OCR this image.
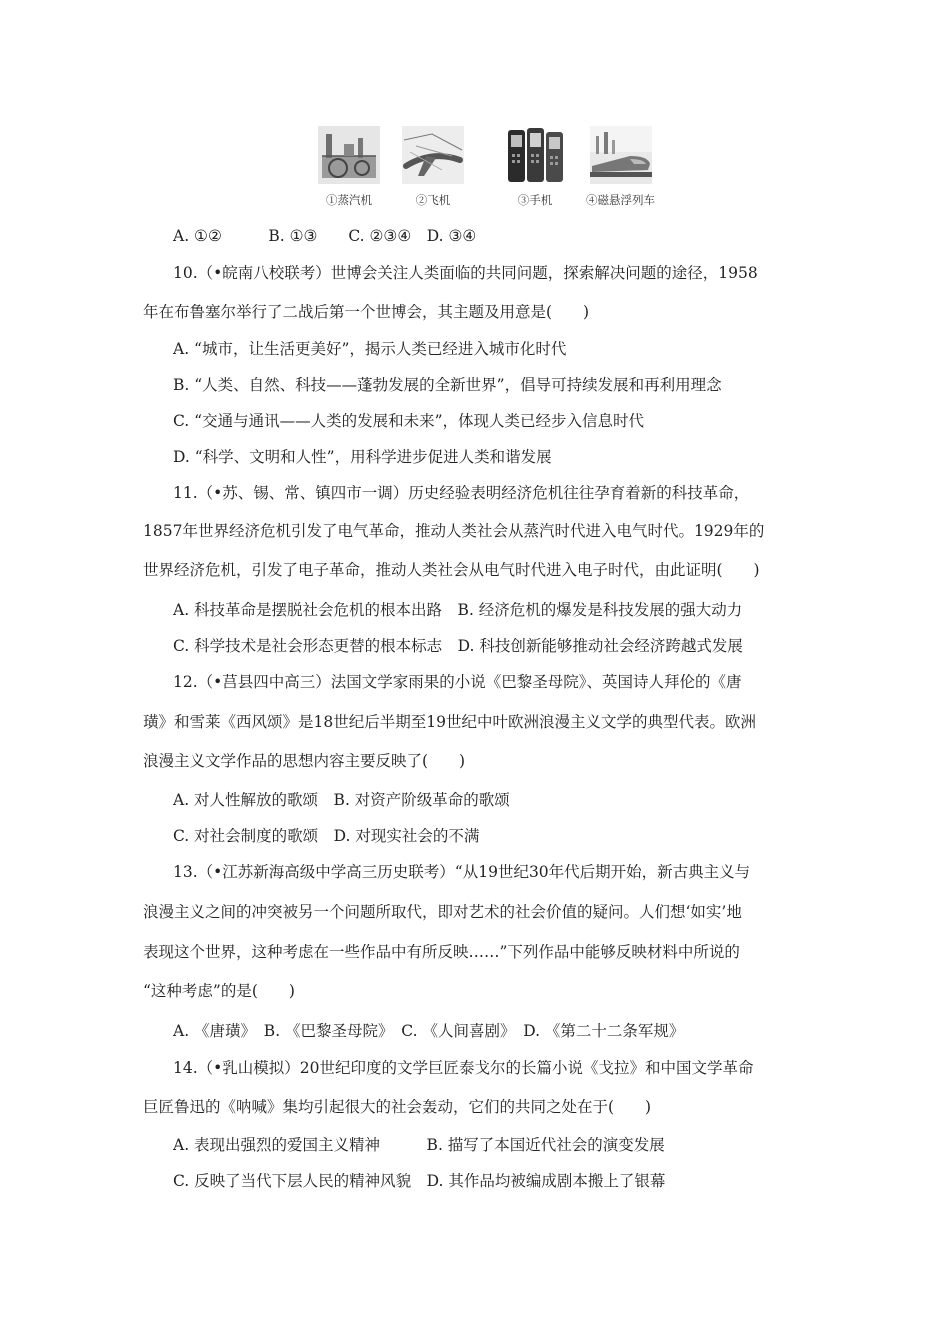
①蒸汽机	②飞机	③手机	④磁悬浮列车
A. ①②　　　B. ①③　　C. ②③④　D. ③④
10.（•皖南八校联考）世博会关注人类面临的共同问题，探索解决问题的途径，1958
年在布鲁塞尔举行了二战后第一个世博会，其主题及用意是(　　)
A. “城市，让生活更美好”，揭示人类已经进入城市化时代
B. “人类、自然、科技——蓬勃发展的全新世界”，倡导可持续发展和再利用理念
C. “交通与通讯——人类的发展和未来”，体现人类已经步入信息时代
D. “科学、文明和人性”，用科学进步促进人类和谐发展
11.（•苏、锡、常、镇四市一调）历史经验表明经济危机往往孕育着新的科技革命，
1857年世界经济危机引发了电气革命，推动人类社会从蒸汽时代进入电气时代。1929年的
世界经济危机，引发了电子革命，推动人类社会从电气时代进入电子时代，由此证明(　　)
A. 科技革命是摆脱社会危机的根本出路　B. 经济危机的爆发是科技发展的强大动力
C. 科学技术是社会形态更替的根本标志　D. 科技创新能够推动社会经济跨越式发展
12.（•莒县四中高三）法国文学家雨果的小说《巴黎圣母院》、英国诗人拜伦的《唐
璜》和雪莱《西风颂》是18世纪后半期至19世纪中叶欧洲浪漫主义文学的典型代表。欧洲
浪漫主义文学作品的思想内容主要反映了(　　)
A. 对人性解放的歌颂　B. 对资产阶级革命的歌颂
C. 对社会制度的歌颂　D. 对现实社会的不满
13.（•江苏新海高级中学高三历史联考）“从19世纪30年代后期开始，新古典主义与
浪漫主义之间的冲突被另一个问题所取代，即对艺术的社会价值的疑问。人们想‘如实’地
表现这个世界，这种考虑在一些作品中有所反映……”下列作品中能够反映材料中所说的
“这种考虑”的是(　　)
A. 《唐璜》　B. 《巴黎圣母院》　C. 《人间喜剧》　D. 《第二十二条军规》
14.（•乳山模拟）20世纪印度的文学巨匠泰戈尔的长篇小说《戈拉》和中国文学革命
巨匠鲁迅的《呐喊》集均引起很大的社会轰动，它们的共同之处在于(　　)
A. 表现出强烈的爱国主义精神　　　B. 描写了本国近代社会的演变发展
C. 反映了当代下层人民的精神风貌　D. 其作品均被编成剧本搬上了银幕
